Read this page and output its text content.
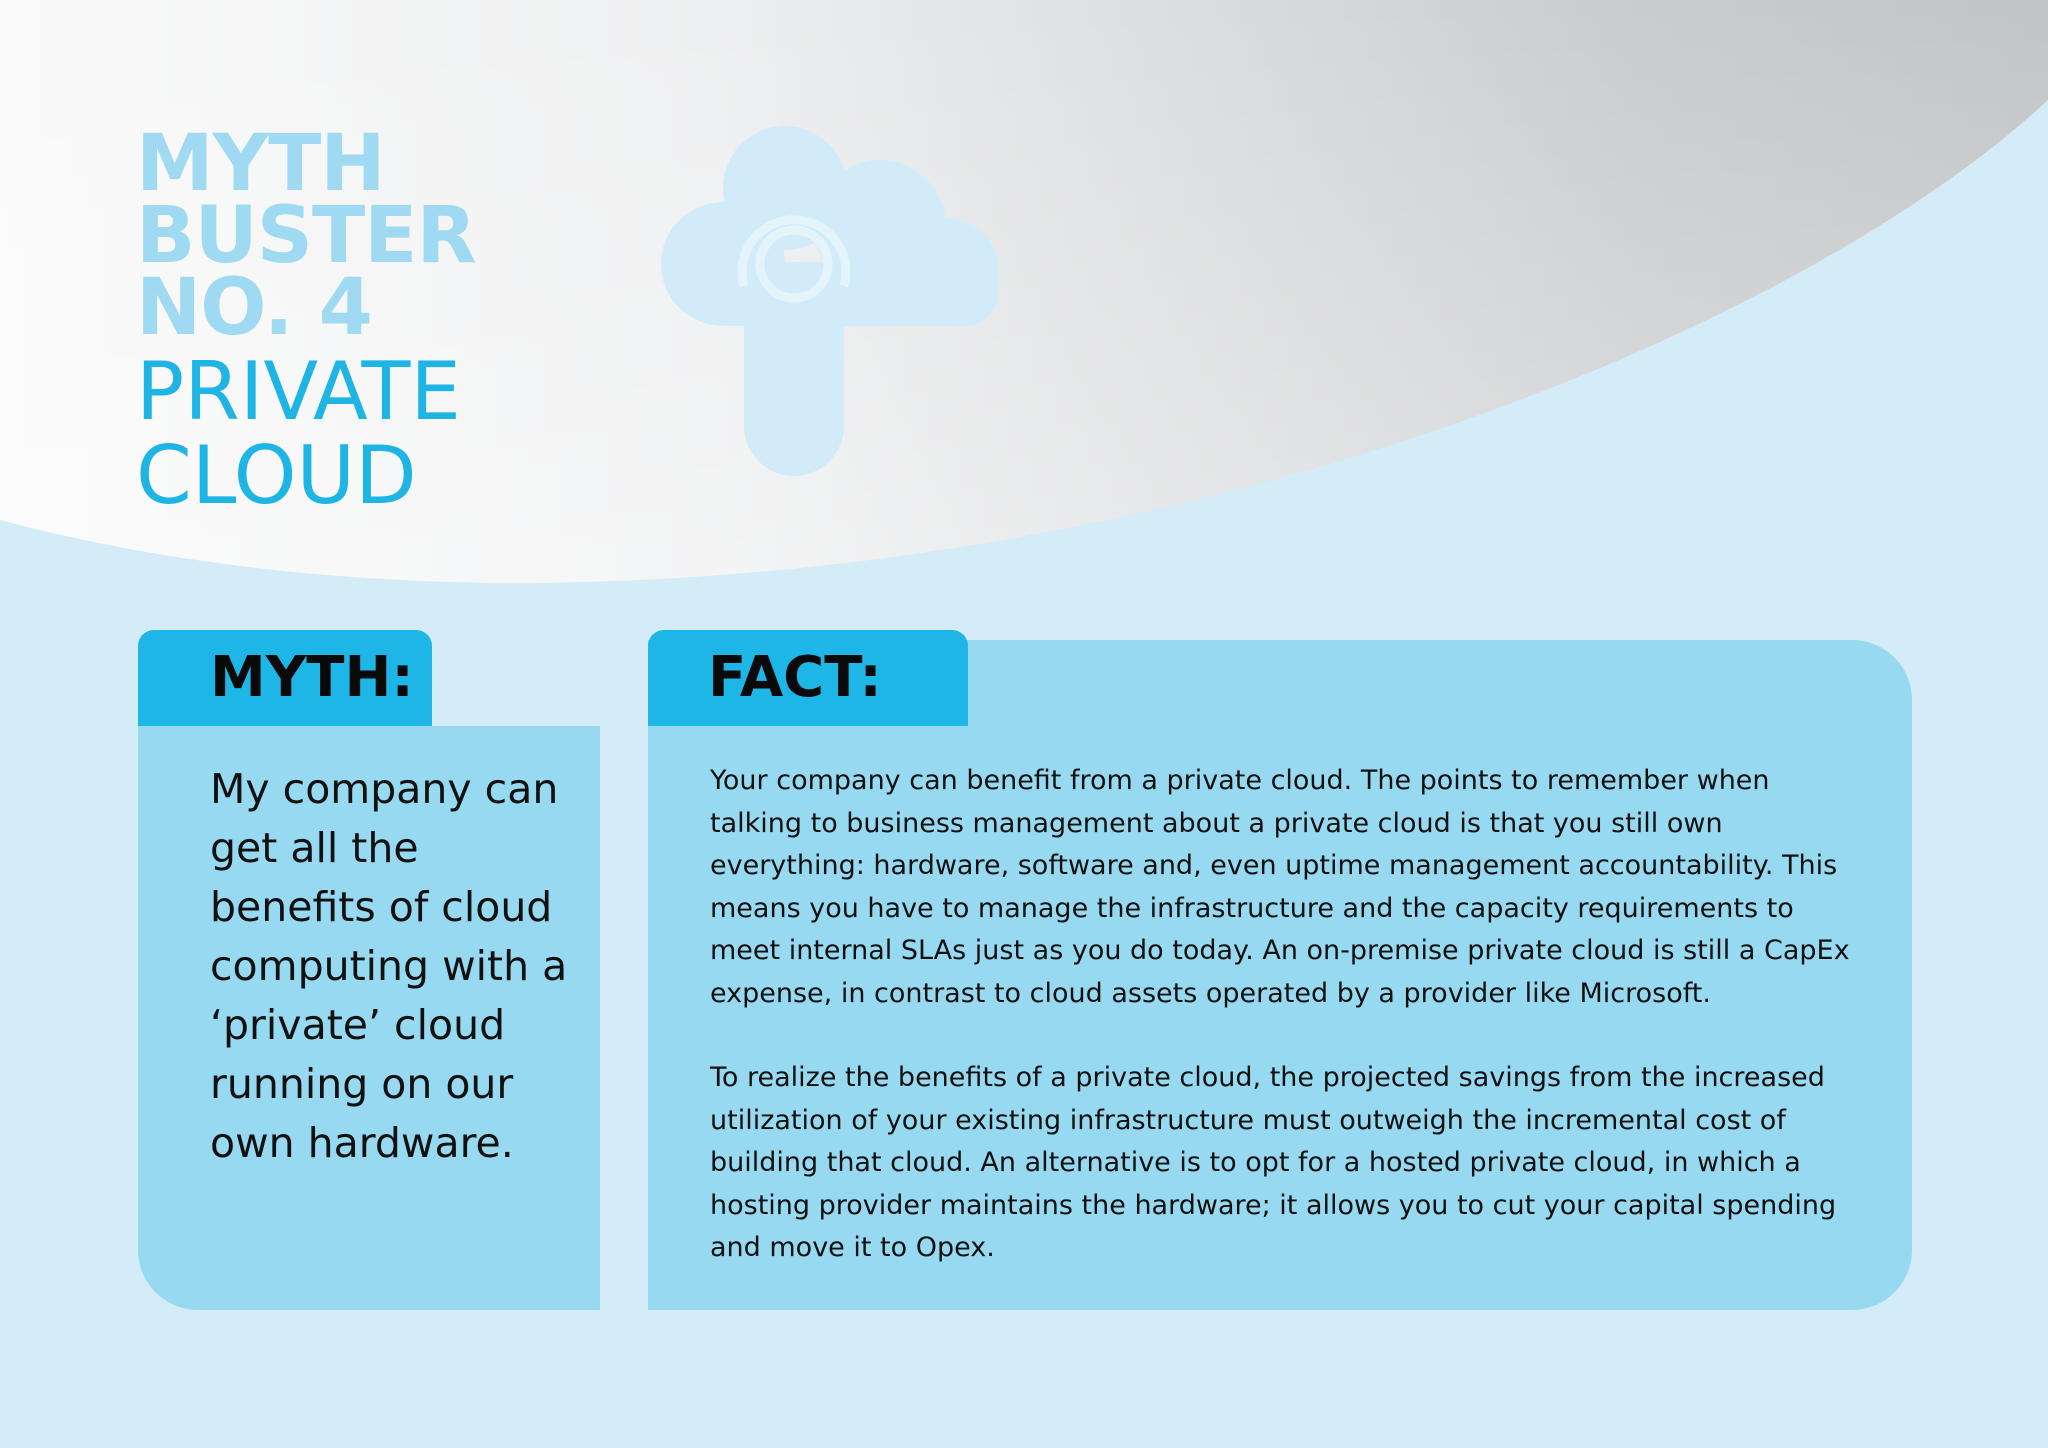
MYTH
BUSTER
NO. 4
PRIVATE
CLOUD
MYTH:

My company can get all the benefits of cloud computing with a ‘private’ cloud running on our own hardware.

FACT:

Your company can benefit from a private cloud. The points to remember when talking to business management about a private cloud is that you still own everything: hardware, software and, even uptime management accountability. This means you have to manage the infrastructure and the capacity requirements to meet internal SLAs just as you do today. An on-premise private cloud is still a CapEx expense, in contrast to cloud assets operated by a provider like Microsoft.

To realize the benefits of a private cloud, the projected savings from the increased utilization of your existing infrastructure must outweigh the incremental cost of building that cloud. An alternative is to opt for a hosted private cloud, in which a hosting provider maintains the hardware; it allows you to cut your capital spending and move it to Opex.
